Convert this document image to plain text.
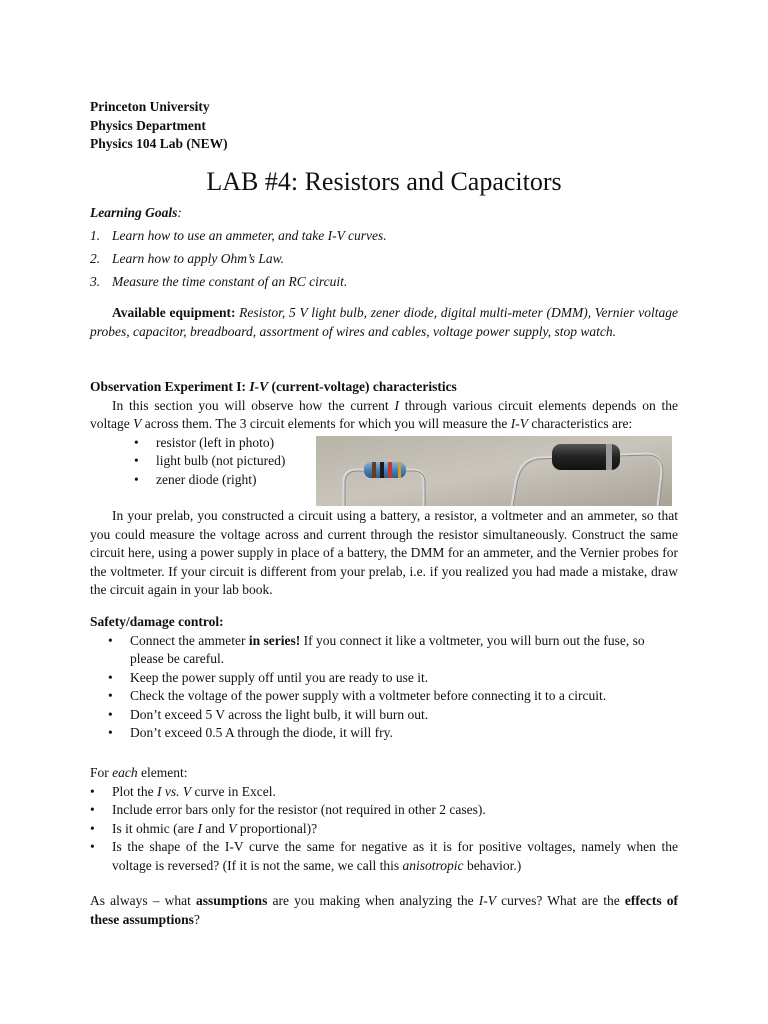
Princeton University
Physics Department
Physics 104 Lab (NEW)
LAB #4: Resistors and Capacitors
Learning Goals:
1. Learn how to use an ammeter, and take I-V curves.
2. Learn how to apply Ohm’s Law.
3. Measure the time constant of an RC circuit.
Available equipment: Resistor, 5 V light bulb, zener diode, digital multi-meter (DMM), Vernier voltage probes, capacitor, breadboard, assortment of wires and cables, voltage power supply, stop watch.
Observation Experiment I: I-V (current-voltage) characteristics

In this section you will observe how the current I through various circuit elements depends on the voltage V across them. The 3 circuit elements for which you will measure the I-V characteristics are:

• resistor (left in photo)
• light bulb (not pictured)
• zener diode (right)

In your prelab, you constructed a circuit using a battery, a resistor, a voltmeter and an ammeter, so that you could measure the voltage across and current through the resistor simultaneously. Construct the same circuit here, using a power supply in place of a battery, the DMM for an ammeter, and the Vernier probes for the voltmeter. If your circuit is different from your prelab, i.e. if you realized you had made a mistake, draw the circuit again in your lab book.

Safety/damage control:
• Connect the ammeter in series! If you connect it like a voltmeter, you will burn out the fuse, so please be careful.
• Keep the power supply off until you are ready to use it.
• Check the voltage of the power supply with a voltmeter before connecting it to a circuit.
• Don’t exceed 5 V across the light bulb, it will burn out.
• Don’t exceed 0.5 A through the diode, it will fry.
For each element:
• Plot the I vs. V curve in Excel.
• Include error bars only for the resistor (not required in other 2 cases).
• Is it ohmic (are I and V proportional)?
• Is the shape of the I-V curve the same for negative as it is for positive voltages, namely when the voltage is reversed? (If it is not the same, we call this anisotropic behavior.)
As always – what assumptions are you making when analyzing the I-V curves? What are the effects of these assumptions?
